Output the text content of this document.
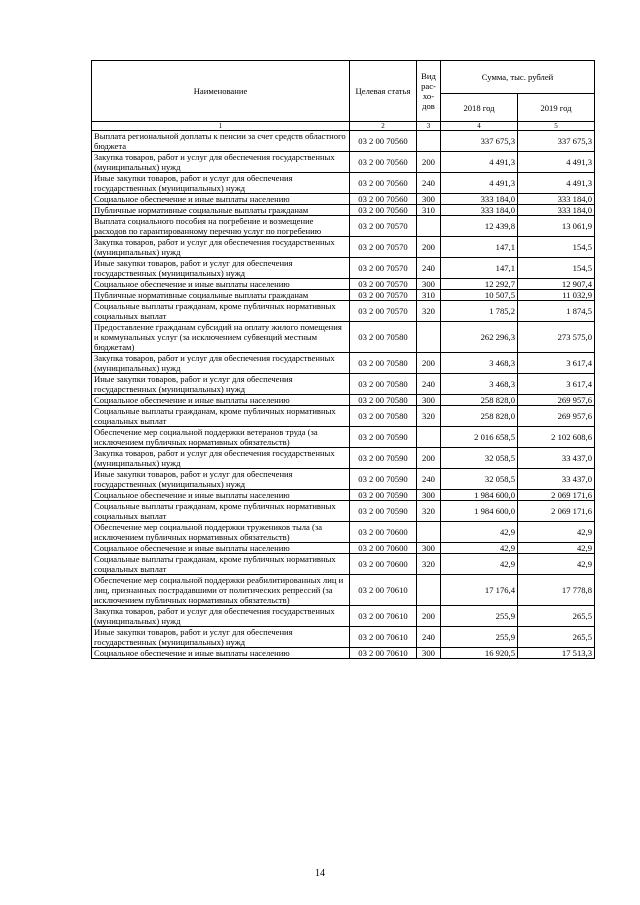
Наименование	Целевая статья	Вид рас-хо-дов	Сумма, тыс. рублей	
			2018 год	2019 год
1	2	3	4	5
Выплата региональной доплаты к пенсии за счет средств областного бюджета	03 2 00 70560		337 675,3	337 675,3
Закупка товаров, работ и услуг для обеспечения государственных (муниципальных) нужд	03 2 00 70560	200	4 491,3	4 491,3
Иные закупки товаров, работ и услуг для обеспечения государственных (муниципальных) нужд	03 2 00 70560	240	4 491,3	4 491,3
Социальное обеспечение и иные выплаты населению	03 2 00 70560	300	333 184,0	333 184,0
Публичные нормативные социальные выплаты гражданам	03 2 00 70560	310	333 184,0	333 184,0
Выплата социального пособия на погребение и возмещение расходов по гарантированному перечню услуг по погребению	03 2 00 70570		12 439,8	13 061,9
Закупка товаров, работ и услуг для обеспечения государственных (муниципальных) нужд	03 2 00 70570	200	147,1	154,5
Иные закупки товаров, работ и услуг для обеспечения государственных (муниципальных) нужд	03 2 00 70570	240	147,1	154,5
Социальное обеспечение и иные выплаты населению	03 2 00 70570	300	12 292,7	12 907,4
Публичные нормативные социальные выплаты гражданам	03 2 00 70570	310	10 507,5	11 032,9
Социальные выплаты гражданам, кроме публичных нормативных социальных выплат	03 2 00 70570	320	1 785,2	1 874,5
Предоставление гражданам субсидий на оплату жилого помещения и коммунальных услуг (за исключением субвенций местным бюджетам)	03 2 00 70580		262 296,3	273 575,0
Закупка товаров, работ и услуг для обеспечения государственных (муниципальных) нужд	03 2 00 70580	200	3 468,3	3 617,4
Иные закупки товаров, работ и услуг для обеспечения государственных (муниципальных) нужд	03 2 00 70580	240	3 468,3	3 617,4
Социальное обеспечение и иные выплаты населению	03 2 00 70580	300	258 828,0	269 957,6
Социальные выплаты гражданам, кроме публичных нормативных социальных выплат	03 2 00 70580	320	258 828,0	269 957,6
Обеспечение мер социальной поддержки ветеранов труда (за исключением публичных нормативных обязательств)	03 2 00 70590		2 016 658,5	2 102 608,6
Закупка товаров, работ и услуг для обеспечения государственных (муниципальных) нужд	03 2 00 70590	200	32 058,5	33 437,0
Иные закупки товаров, работ и услуг для обеспечения государственных (муниципальных) нужд	03 2 00 70590	240	32 058,5	33 437,0
Социальное обеспечение и иные выплаты населению	03 2 00 70590	300	1 984 600,0	2 069 171,6
Социальные выплаты гражданам, кроме публичных нормативных социальных выплат	03 2 00 70590	320	1 984 600,0	2 069 171,6
Обеспечение мер социальной поддержки тружеников тыла (за исключением публичных нормативных обязательств)	03 2 00 70600		42,9	42,9
Социальное обеспечение и иные выплаты населению	03 2 00 70600	300	42,9	42,9
Социальные выплаты гражданам, кроме публичных нормативных социальных выплат	03 2 00 70600	320	42,9	42,9
Обеспечение мер социальной поддержки реабилитированных лиц и лиц, признанных пострадавшими от политических репрессий (за исключением публичных нормативных обязательств)	03 2 00 70610		17 176,4	17 778,8
Закупка товаров, работ и услуг для обеспечения государственных (муниципальных) нужд	03 2 00 70610	200	255,9	265,5
Иные закупки товаров, работ и услуг для обеспечения государственных (муниципальных) нужд	03 2 00 70610	240	255,9	265,5
Социальное обеспечение и иные выплаты населению	03 2 00 70610	300	16 920,5	17 513,3
14
